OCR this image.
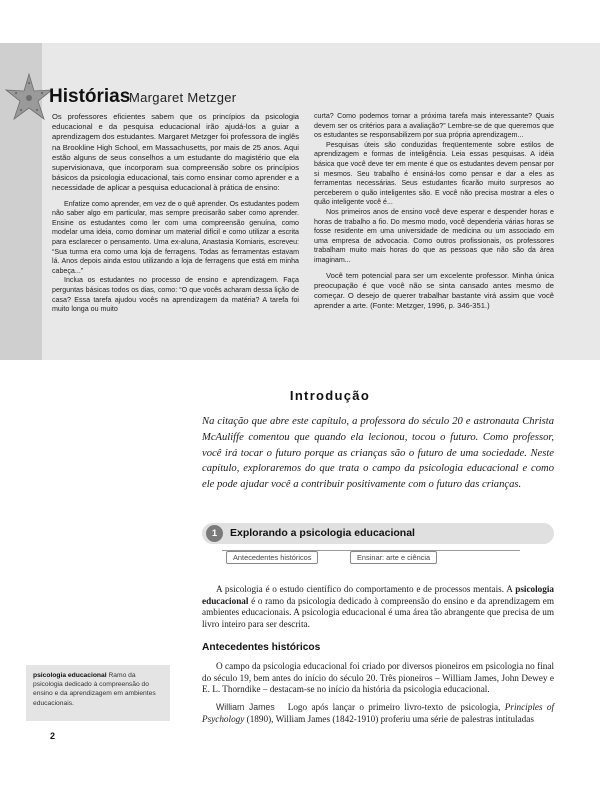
Histórias
Margaret Metzger

Os professores eficientes sabem que os princípios da psicologia educacional e da pesquisa educacional irão ajudá-los a guiar a aprendizagem dos estudantes. Margaret Metzger foi professora de inglês na Brookline High School, em Massachusetts, por mais de 25 anos. Aqui estão alguns de seus conselhos a um estudante do magistério que ela supervisionava, que incorporam sua compreensão sobre os princípios básicos da psicologia educacional, tais como ensinar como aprender e a necessidade de aplicar a pesquisa educacional à prática de ensino:

Enfatize como aprender, em vez de o quê aprender. Os estudantes podem não saber algo em particular, mas sempre precisarão saber como aprender. Ensine os estudantes como ler com uma compreensão genuína, como modelar uma ideia, como dominar um material difícil e como utilizar a escrita para esclarecer o pensamento. Uma ex-aluna, Anastasia Korniaris, escreveu: “Sua turma era como uma loja de ferragens. Todas as ferramentas estavam lá. Anos depois ainda estou utilizando a loja de ferragens que está em minha cabeça...”

Inclua os estudantes no processo de ensino e aprendizagem. Faça perguntas básicas todos os dias, como: “O que vocês acharam dessa lição de casa? Essa tarefa ajudou vocês na aprendizagem da matéria? A tarefa foi muito longa ou muito

curta? Como podemos tornar a próxima tarefa mais interessante? Quais devem ser os critérios para a avaliação?” Lembre-se de que queremos que os estudantes se responsabilizem por sua própria aprendizagem...

Pesquisas úteis são conduzidas freqüentemente sobre estilos de aprendizagem e formas de inteligência. Leia essas pesquisas. A idéia básica que você deve ter em mente é que os estudantes devem pensar por si mesmos. Seu trabalho é ensiná-los como pensar e dar a eles as ferramentas necessárias. Seus estudantes ficarão muito surpresos ao perceberem o quão inteligentes são. E você não precisa mostrar a eles o quão inteligente você é...

Nos primeiros anos de ensino você deve esperar e despender horas e horas de trabalho a fio. Do mesmo modo, você dependeria várias horas se fosse residente em uma universidade de medicina ou um associado em uma empresa de advocacia. Como outros profissionais, os professores trabalham muito mais horas do que as pessoas que não são da área imaginam...

Você tem potencial para ser um excelente professor. Minha única preocupação é que você não se sinta cansado antes mesmo de começar. O desejo de querer trabalhar bastante virá assim que você aprender a arte. (Fonte: Metzger, 1996, p. 346-351.)

Introdução

Na citação que abre este capítulo, a professora do século 20 e astronauta Christa McAuliffe comentou que quando ela lecionou, tocou o futuro. Como professor, você irá tocar o futuro porque as crianças são o futuro de uma sociedade. Neste capítulo, exploraremos do que trata o campo da psicologia educacional e como ele pode ajudar você a contribuir positivamente com o futuro das crianças.

1	Explorando a psicologia educacional
Antecedentes históricos	Ensinar: arte e ciência

A psicologia é o estudo científico do comportamento e de processos mentais. A psicologia educacional é o ramo da psicologia dedicado à compreensão do ensino e da aprendizagem em ambientes educacionais. A psicologia educacional é uma área tão abrangente que precisa de um livro inteiro para ser descrita.

Antecedentes históricos

O campo da psicologia educacional foi criado por diversos pioneiros em psicologia no final do século 19, bem antes do início do século 20. Três pioneiros – William James, John Dewey e E. L. Thorndike – destacam-se no início da história da psicologia educacional.

William James Logo após lançar o primeiro livro-texto de psicologia, Principles of Psychology (1890), William James (1842-1910) proferiu uma série de palestras intituladas

psicologia educacional Ramo da psicologia dedicado à compreensão do ensino e da aprendizagem em ambientes educacionais.
2
